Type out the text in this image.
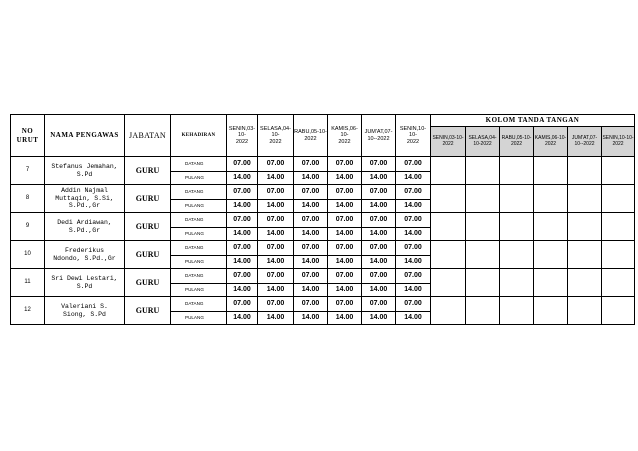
NO
URUT	NAMA PENGAWAS	JABATAN	KEHADIRAN	SENIN,03-10-
2022	SELASA,04-10-
2022	RABU,05-10-
2022	KAMIS,06-10-
2022	JUM'AT,07-
10--2022	SENIN,10-10-
2022	KOLOM TANDA TANGAN					
										SENIN,03-10-
2022	SELASA,04-
10-2022	RABU,05-10-
2022	KAMIS,06-10-
2022	JUM'AT,07-
10--2022	SENIN,10-10-
2022
7	Stefanus Jemahan,
S.Pd	GURU	DATANG	07.00	07.00	07.00	07.00	07.00	07.00						
			PULANG	14.00	14.00	14.00	14.00	14.00	14.00						
8	Addin Najmal
Muttaqin, S.Si,
S.Pd.,Gr	GURU	DATANG	07.00	07.00	07.00	07.00	07.00	07.00						
			PULANG	14.00	14.00	14.00	14.00	14.00	14.00						
9	Dedi Ardiawan,
S.Pd.,Gr	GURU	DATANG	07.00	07.00	07.00	07.00	07.00	07.00						
			PULANG	14.00	14.00	14.00	14.00	14.00	14.00						
10	Frederikus
Ndondo, S.Pd.,Gr	GURU	DATANG	07.00	07.00	07.00	07.00	07.00	07.00						
			PULANG	14.00	14.00	14.00	14.00	14.00	14.00						
11	Sri Dewi Lestari,
S.Pd	GURU	DATANG	07.00	07.00	07.00	07.00	07.00	07.00						
			PULANG	14.00	14.00	14.00	14.00	14.00	14.00						
12	Valeriani S.
Siong, S.Pd	GURU	DATANG	07.00	07.00	07.00	07.00	07.00	07.00						
			PULANG	14.00	14.00	14.00	14.00	14.00	14.00						
